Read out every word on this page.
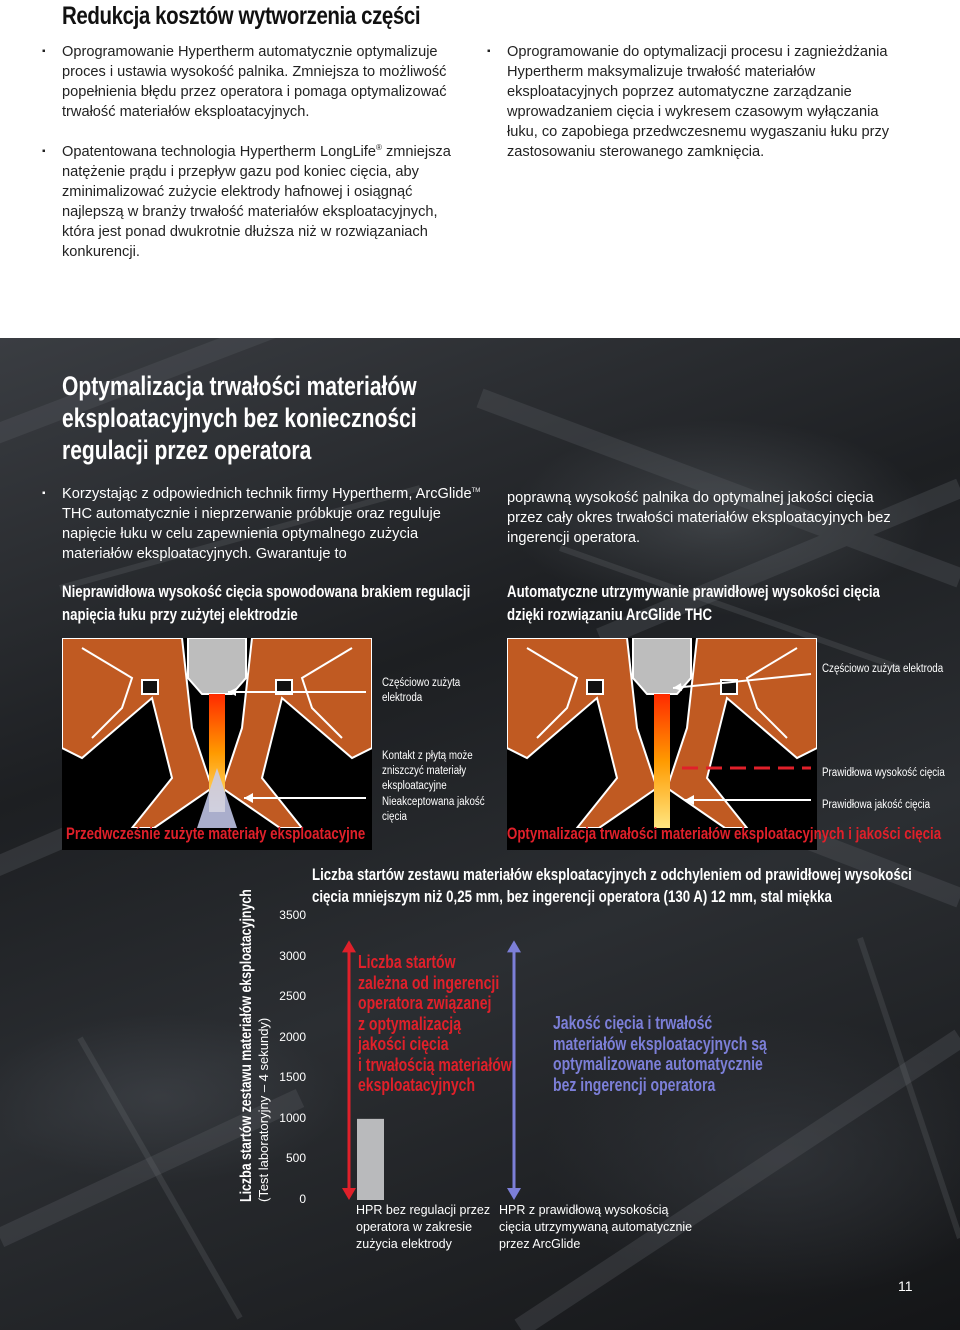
Redukcja kosztów wytworzenia części

▪ Oprogramowanie Hypertherm automatycznie optymalizuje proces i ustawia wysokość palnika. Zmniejsza to możliwość popełnienia błędu przez operatora i pomaga optymalizować trwałość materiałów eksploatacyjnych.

▪ Opatentowana technologia Hypertherm LongLife® zmniejsza natężenie prądu i przepływ gazu pod koniec cięcia, aby zminimalizować zużycie elektrody hafnowej i osiągnąć najlepszą w branży trwałość materiałów eksploatacyjnych, która jest ponad dwukrotnie dłuższa niż w rozwiązaniach konkurencji.

▪ Oprogramowanie do optymalizacji procesu i zagnieżdżania Hypertherm maksymalizuje trwałość materiałów eksploatacyjnych poprzez automatyczne zarządzanie wprowadzaniem cięcia i wykresem czasowym wyłączania łuku, co zapobiega przedwczesnemu wygaszaniu łuku przy zastosowaniu sterowanego zamknięcia.

Optymalizacja trwałości materiałów
eksploatacyjnych bez konieczności
regulacji przez operatora
▪ Korzystając z odpowiednich technik firmy Hypertherm, ArcGlide™ THC automatycznie i nieprzerwanie próbkuje oraz reguluje napięcie łuku w celu zapewnienia optymalnego zużycia materiałów eksploatacyjnych. Gwarantuje to
poprawną wysokość palnika do optymalnej jakości cięcia przez cały okres trwałości materiałów eksploatacyjnych bez ingerencji operatora.
Nieprawidłowa wysokość cięcia spowodowana brakiem regulacji
napięcia łuku przy zużytej elektrodzie
Automatyczne utrzymywanie prawidłowej wysokości cięcia
dzięki rozwiązaniu ArcGlide THC
Częściowo zużyta
elektroda
Kontakt z płytą może
zniszczyć materiały
eksploatacyjne
Nieakceptowana jakość
cięcia
Przedwcześnie zużyte materiały eksploatacyjne
Częściowo zużyta elektroda
Prawidłowa wysokość cięcia
Prawidłowa jakość cięcia
Optymalizacja trwałości materiałów eksploatacyjnych i jakości cięcia
Liczba startów zestawu materiałów eksploatacyjnych z odchyleniem od prawidłowej wysokości
cięcia mniejszym niż 0,25 mm, bez ingerencji operatora (130 A) 12 mm, stal miękka
Liczba startów zestawu materiałów eksploatacyjnych (Test laboratoryjny – 4 sekundy)	0
500
1000
1500
2000
2500
3000
3500
Liczba startów
zależna od ingerencji
operatora związanej
z optymalizacją
jakości cięcia
i trwałością materiałów
eksploatacyjnych
Jakość cięcia i trwałość
materiałów eksploatacyjnych są
optymalizowane automatycznie
bez ingerencji operatora
HPR bez regulacji przez
operatora w zakresie
zużycia elektrody
HPR z prawidłową wysokością
cięcia utrzymywaną automatycznie
przez ArcGlide
11
